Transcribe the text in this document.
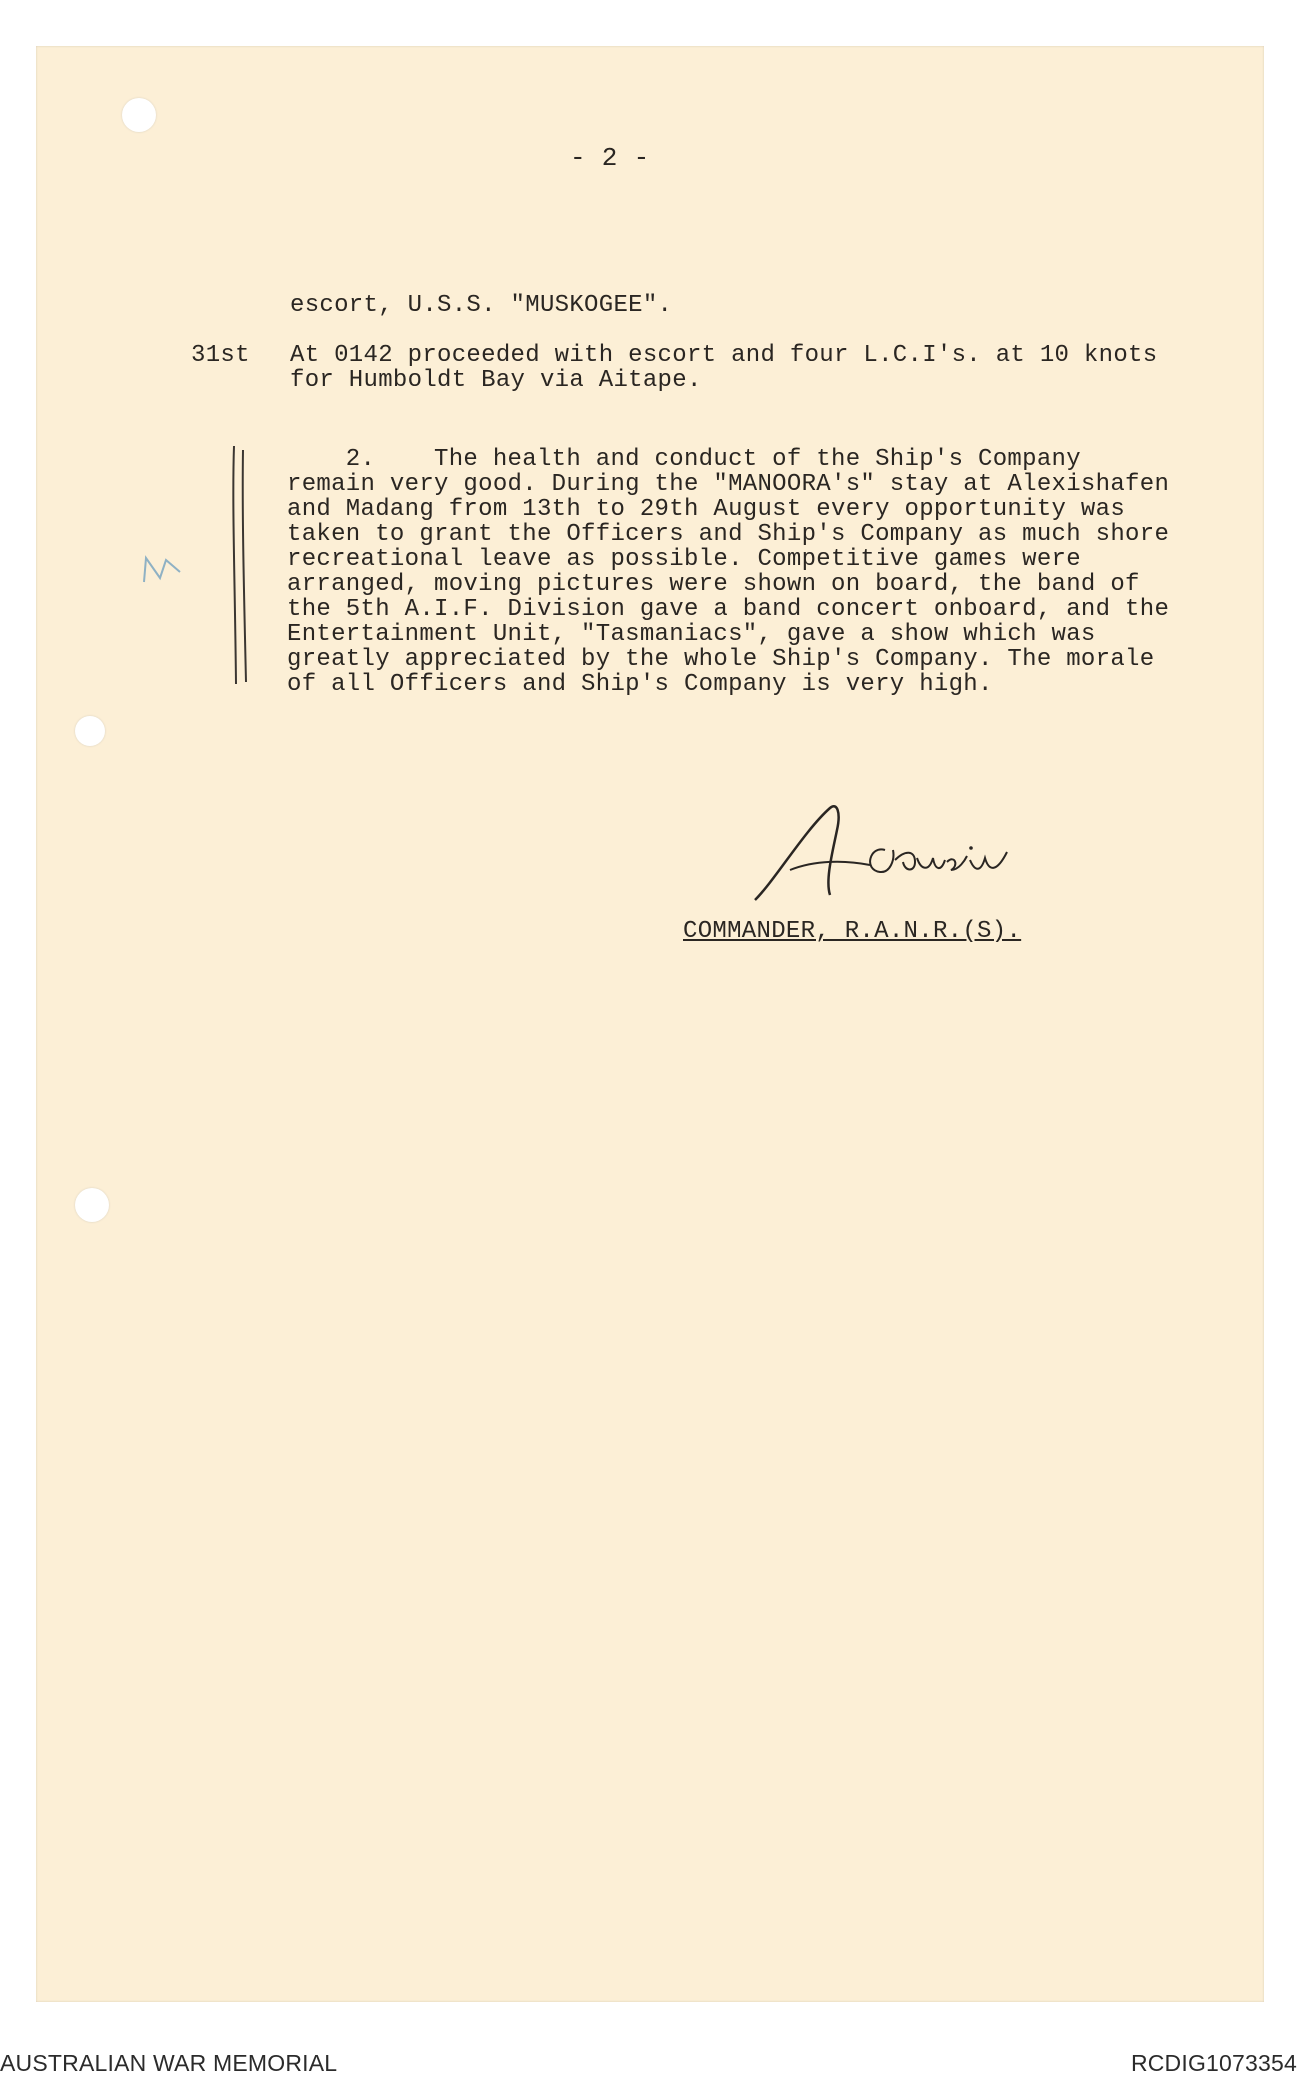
- 2 -
escort, U.S.S. "MUSKOGEE".
31st At 0142 proceeded with escort and four L.C.I's. at 10 knots
for Humboldt Bay via Aitape.
2.    The health and conduct of the Ship's Company
remain very good. During the "MANOORA's" stay at Alexishafen
and Madang from 13th to 29th August every opportunity was
taken to grant the Officers and Ship's Company as much shore
recreational leave as possible. Competitive games were
arranged, moving pictures were shown on board, the band of
the 5th A.I.F. Division gave a band concert onboard, and the
Entertainment Unit, "Tasmaniacs", gave a show which was
greatly appreciated by the whole Ship's Company. The morale
of all Officers and Ship's Company is very high.
COMMANDER, R.A.N.R.(S).
AUSTRALIAN WAR MEMORIAL	RCDIG1073354
